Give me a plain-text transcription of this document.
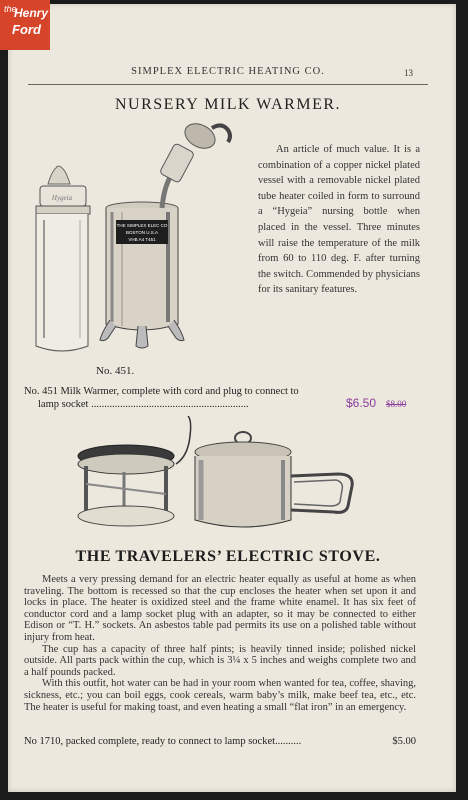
SIMPLEX ELECTRIC HEATING CO.	13
NURSERY MILK WARMER.
Hygeia
THE SIMPLEX ELEC CO
BOSTON U.S.A
VHB A4 T451

An article of much value. It is a combination of a copper nickel plated vessel with a removable nickel plated tube heater coiled in form to surround a “Hygeia” nursing bottle when placed in the vessel. Three minutes will raise the temperature of the milk from 60 to 110 deg. F. after turning the switch. Commended by physicians for its sanitary features.

No. 451.
No. 451 Milk Warmer, complete with cord and plug to connect to
lamp socket ............................................................	$6.50 $8.00
THE TRAVELERS’ ELECTRIC STOVE.

Meets a very pressing demand for an electric heater equally as useful at home as when traveling. The bottom is recessed so that the cup encloses the heater when set upon it and locks in place. The heater is oxidized steel and the frame white enamel. It has six feet of conductor cord and a lamp socket plug with an adapter, so it may be connected to either Edison or “T. H.” sockets. An asbestos table pad permits its use on a polished table without injury from heat.

The cup has a capacity of three half pints; is heavily tinned inside; polished nickel outside. All parts pack within the cup, which is 3¼ x 5 inches and weighs complete two and a half pounds packed.

With this outfit, hot water can be had in your room when wanted for tea, coffee, shaving, sickness, etc.; you can boil eggs, cook cereals, warm baby’s milk, make beef tea, etc., etc. The heater is useful for making toast, and even heating a small “flat iron” in an emergency.

No 1710, packed complete, ready to connect to lamp socket..........	$5.00
the
Henry
Ford
